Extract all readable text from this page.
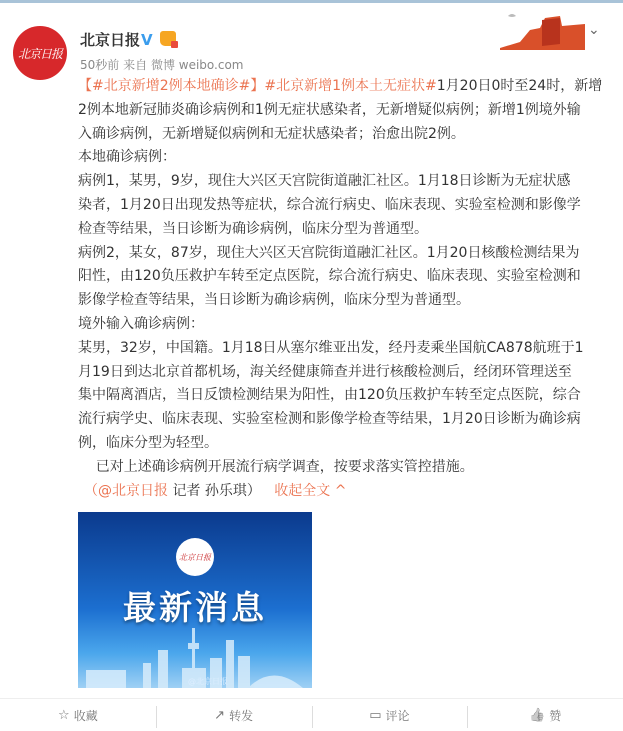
北京日报
北京日报 V
50秒前 来自 微博 weibo.com
⌄
【#北京新增2例本地确诊#】#北京新增1例本土无症状#1月20日0时至24时，新增
2例本地新冠肺炎确诊病例和1例无症状感染者，无新增疑似病例；新增1例境外输
入确诊病例，无新增疑似病例和无症状感染者；治愈出院2例。
本地确诊病例：
病例1，某男，9岁，现住大兴区天宫院街道融汇社区。1月18日诊断为无症状感
染者，1月20日出现发热等症状，综合流行病史、临床表现、实验室检测和影像学
检查等结果，当日诊断为确诊病例，临床分型为普通型。
病例2，某女，87岁，现住大兴区天宫院街道融汇社区。1月20日核酸检测结果为
阳性，由120负压救护车转至定点医院，综合流行病史、临床表现、实验室检测和
影像学检查等结果，当日诊断为确诊病例，临床分型为普通型。
境外输入确诊病例：
某男，32岁，中国籍。1月18日从塞尔维亚出发，经丹麦乘坐国航CA878航班于1
月19日到达北京首都机场，海关经健康筛查并进行核酸检测后，经闭环管理送至
集中隔离酒店，当日反馈检测结果为阳性，由120负压救护车转至定点医院，综合
流行病学史、临床表现、实验室检测和影像学检查等结果，1月20日诊断为确诊病
例，临床分型为轻型。
已对上述确诊病例开展流行病学调查，按要求落实管控措施。
（@北京日报 记者 孙乐琪） 收起全文 ^
北京日报
最新消息
@北京日报
☆ 收藏	↗ 转发	▭ 评论	👍 赞
